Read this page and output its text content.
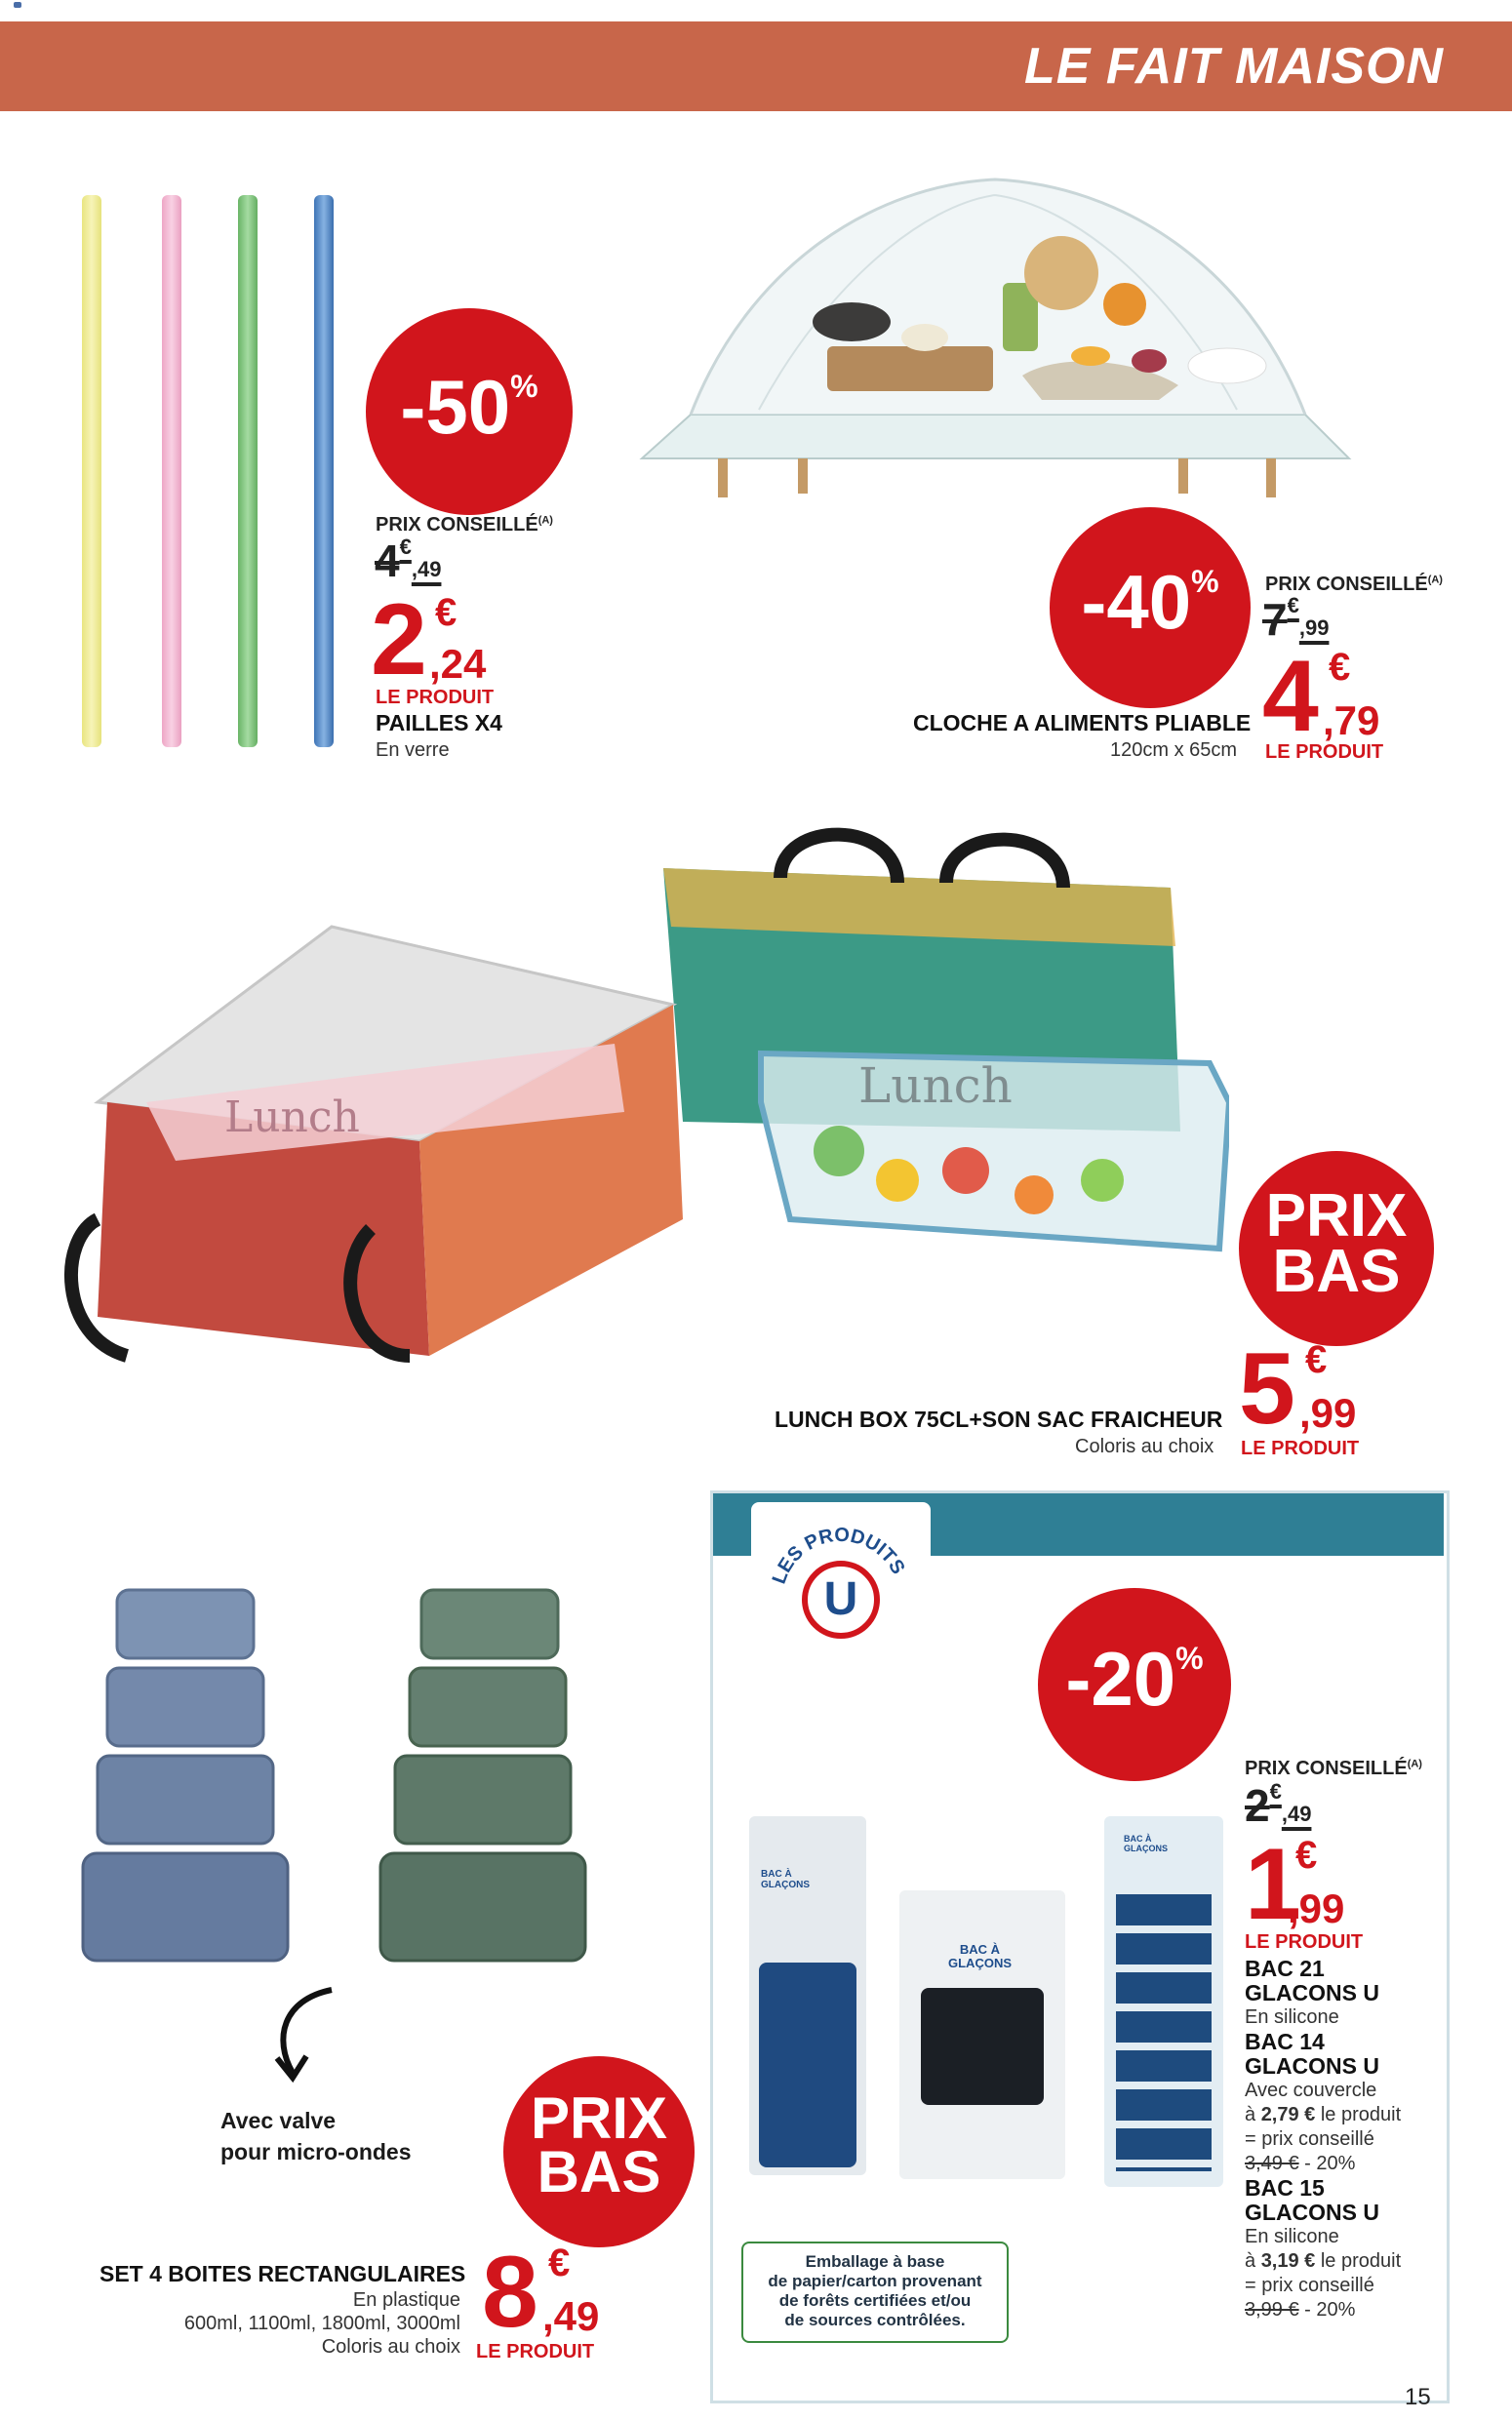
LE FAIT MAISON
-50%
PRIX $CONSEILLÉ^{(A)}$
4€,49
2 €
,24
LE PRODUIT
PAILLES X4
En verre
-40%	PRIX $CONSEILLÉ^{(A)}$
7€,99
4 €
,79
CLOCHE A ALIMENTS PLIABLE
120cm x 65cm LE PRODUIT
Lunch
Lunch
PRIX
BAS
5 €
,99
LUNCH BOX 75CL+SON SAC FRAICHEUR
Coloris au choix LE PRODUIT
Avec valve
pour micro-ondes
PRIX
BAS
8 €
,49
SET 4 BOITES RECTANGULAIRES
En plastique
600ml, 1100ml, 1800ml, 3000ml
Coloris au choix LE PRODUIT
LES PRODUITS
U
-20%
PRIX $CONSEILLÉ^{(A)}$
2€,49
1
€
,99
LE PRODUIT
BAC 21
GLACONS U
En silicone
BAC 14
GLACONS U
Avec couvercle
à 2,79 € le produit
= prix conseillé
3,49 € - 20%
BAC 15
GLACONS U
En silicone
à 3,19 € le produit
= prix conseillé
3,99 € - 20%
BAC À
GLAÇONS
BAC À
GLAÇONS
BAC À
GLAÇONS
Emballage à base
de papier/carton provenant
de forêts certifiées et/ou
de sources contrôlées.
15
